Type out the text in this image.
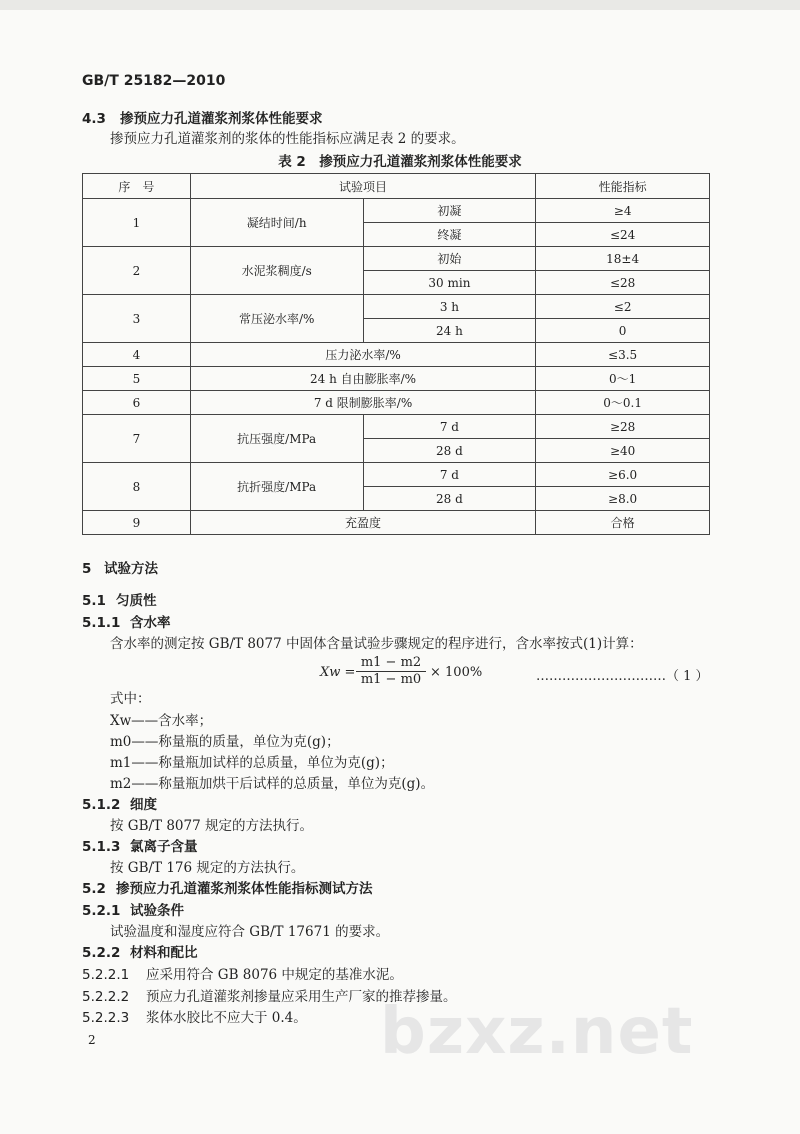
GB/T 25182—2010
4.3 掺预应力孔道灌浆剂浆体性能要求
掺预应力孔道灌浆剂的浆体的性能指标应满足表 2 的要求。
表 2　掺预应力孔道灌浆剂浆体性能要求
序　号	试验项目		性能指标
1	凝结时间/h	初凝	≥4
		终凝	≤24
2	水泥浆稠度/s	初始	18±4
		30 min	≤28
3	常压泌水率/%	3 h	≤2
		24 h	0
4	压力泌水率/%		≤3.5
5	24 h 自由膨胀率/%		0～1
6	7 d 限制膨胀率/%		0～0.1
7	抗压强度/MPa	7 d	≥28
		28 d	≥40
8	抗折强度/MPa	7 d	≥6.0
		28 d	≥8.0
9	充盈度		合格
5 试验方法
5.1 匀质性
5.1.1 含水率
含水率的测定按 GB/T 8077 中固体含量试验步骤规定的程序进行，含水率按式(1)计算：
$Xw = \frac{m1 - m2}{m1 - m0} \times 100\%$	…………………………（ 1 ）
式中：
Xw——含水率；
m0——称量瓶的质量，单位为克(g)；
m1——称量瓶加试样的总质量，单位为克(g)；
m2——称量瓶加烘干后试样的总质量，单位为克(g)。
5.1.2 细度
按 GB/T 8077 规定的方法执行。
5.1.3 氯离子含量
按 GB/T 176 规定的方法执行。
5.2 掺预应力孔道灌浆剂浆体性能指标测试方法
5.2.1 试验条件
试验温度和湿度应符合 GB/T 17671 的要求。
5.2.2 材料和配比
5.2.2.1 应采用符合 GB 8076 中规定的基准水泥。
5.2.2.2 预应力孔道灌浆剂掺量应采用生产厂家的推荐掺量。
5.2.2.3 浆体水胶比不应大于 0.4。 bzxz.net
2
